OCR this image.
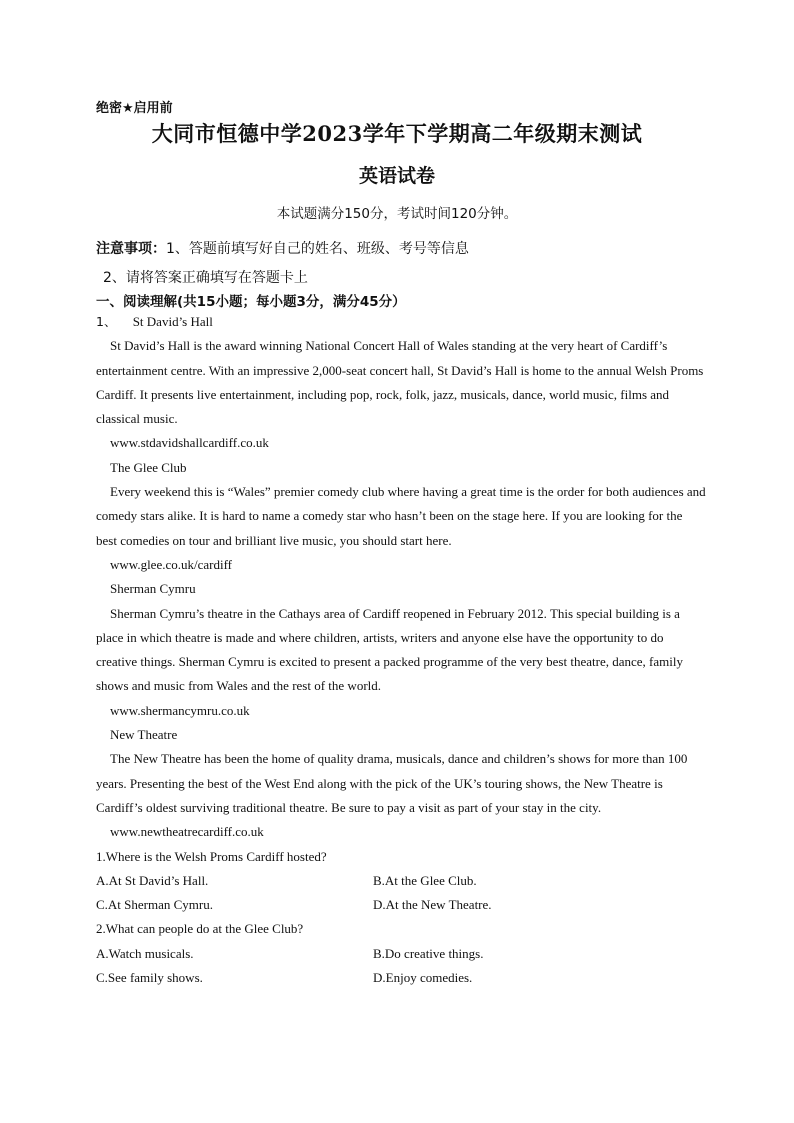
绝密★启用前
大同市恒德中学2023学年下学期高二年级期末测试
英语试卷
本试题满分150分，考试时间120分钟。
注意事项：1、答题前填写好自己的姓名、班级、考号等信息
2、请将答案正确填写在答题卡上
一、阅读理解(共15小题；每小题3分，满分45分）

1、 St David’s Hall

St David’s Hall is the award winning National Concert Hall of Wales standing at the very heart of Cardiff’s entertainment centre. With an impressive 2,000-seat concert hall, St David’s Hall is home to the annual Welsh Proms Cardiff. It presents live entertainment, including pop, rock, folk, jazz, musicals, dance, world music, films and classical music.

www.stdavidshallcardiff.co.uk

The Glee Club

Every weekend this is “Wales” premier comedy club where having a great time is the order for both audiences and comedy stars alike. It is hard to name a comedy star who hasn’t been on the stage here. If you are looking for the best comedies on tour and brilliant live music, you should start here.

www.glee.co.uk/cardiff

Sherman Cymru

Sherman Cymru’s theatre in the Cathays area of Cardiff reopened in February 2012. This special building is a place in which theatre is made and where children, artists, writers and anyone else have the opportunity to do creative things. Sherman Cymru is excited to present a packed programme of the very best theatre, dance, family shows and music from Wales and the rest of the world.

www.shermancymru.co.uk

New Theatre

The New Theatre has been the home of quality drama, musicals, dance and children’s shows for more than 100 years. Presenting the best of the West End along with the pick of the UK’s touring shows, the New Theatre is Cardiff’s oldest surviving traditional theatre. Be sure to pay a visit as part of your stay in the city.

www.newtheatrecardiff.co.uk

1.Where is the Welsh Proms Cardiff hosted?

A.At St David’s Hall.	B.At the Glee Club.
C.At Sherman Cymru.	D.At the New Theatre.

2.What can people do at the Glee Club?

A.Watch musicals.	B.Do creative things.
C.See family shows.	D.Enjoy comedies.
